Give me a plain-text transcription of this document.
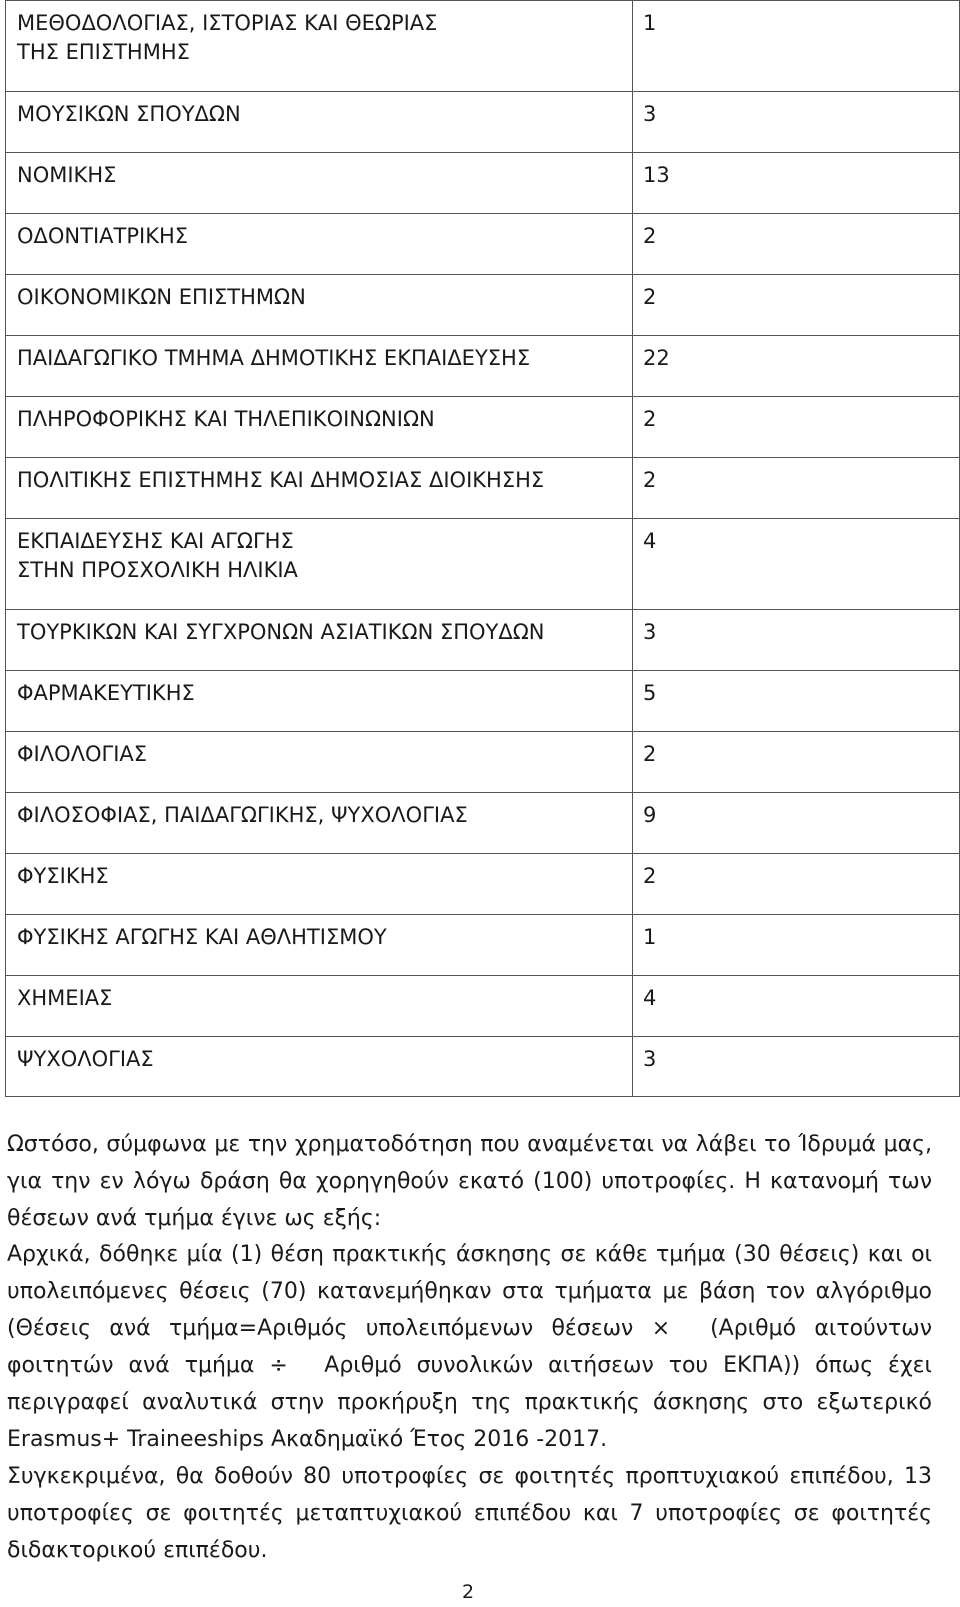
ΜΕΘΟΔΟΛΟΓΙΑΣ, ΙΣΤΟΡΙΑΣ ΚΑΙ ΘΕΩΡΙΑΣ
ΤΗΣ ΕΠΙΣΤΗΜΗΣ	1
ΜΟΥΣΙΚΩΝ ΣΠΟΥΔΩΝ	3
ΝΟΜΙΚΗΣ	13
ΟΔΟΝΤΙΑΤΡΙΚΗΣ	2
ΟΙΚΟΝΟΜΙΚΩΝ ΕΠΙΣΤΗΜΩΝ	2
ΠΑΙΔΑΓΩΓΙΚΟ ΤΜΗΜΑ ΔΗΜΟΤΙΚΗΣ ΕΚΠΑΙΔΕΥΣΗΣ	22
ΠΛΗΡΟΦΟΡΙΚΗΣ ΚΑΙ ΤΗΛΕΠΙΚΟΙΝΩΝΙΩΝ	2
ΠΟΛΙΤΙΚΗΣ ΕΠΙΣΤΗΜΗΣ ΚΑΙ ΔΗΜΟΣΙΑΣ ΔΙΟΙΚΗΣΗΣ	2
ΕΚΠΑΙΔΕΥΣΗΣ ΚΑΙ ΑΓΩΓΗΣ
ΣΤΗΝ ΠΡΟΣΧΟΛΙΚΗ ΗΛΙΚΙΑ	4
ΤΟΥΡΚΙΚΩΝ ΚΑΙ ΣΥΓΧΡΟΝΩΝ ΑΣΙΑΤΙΚΩΝ ΣΠΟΥΔΩΝ	3
ΦΑΡΜΑΚΕΥΤΙΚΗΣ	5
ΦΙΛΟΛΟΓΙΑΣ	2
ΦΙΛΟΣΟΦΙΑΣ, ΠΑΙΔΑΓΩΓΙΚΗΣ, ΨΥΧΟΛΟΓΙΑΣ	9
ΦΥΣΙΚΗΣ	2
ΦΥΣΙΚΗΣ ΑΓΩΓΗΣ ΚΑΙ ΑΘΛΗΤΙΣΜΟΥ	1
ΧΗΜΕΙΑΣ	4
ΨΥΧΟΛΟΓΙΑΣ	3

Ωστόσο, σύμφωνα με την χρηματοδότηση που αναμένεται να λάβει το Ίδρυμά μας, για την εν λόγω δράση θα χορηγηθούν εκατό (100) υποτροφίες. Η κατανομή των θέσεων ανά τμήμα έγινε ως εξής:

Αρχικά, δόθηκε μία (1) θέση πρακτικής άσκησης σε κάθε τμήμα (30 θέσεις) και οι υπολειπόμενες θέσεις (70) κατανεμήθηκαν στα τμήματα με βάση τον αλγόριθμο (Θέσεις ανά τμήμα=Αριθμός υπολειπόμενων θέσεων × (Αριθμό αιτούντων φοιτητών ανά τμήμα ÷ Αριθμό συνολικών αιτήσεων του ΕΚΠΑ)) όπως έχει περιγραφεί αναλυτικά στην προκήρυξη της πρακτικής άσκησης στο εξωτερικό Erasmus+ Traineeships Ακαδημαϊκό Έτος 2016 -2017.

Συγκεκριμένα, θα δοθούν 80 υποτροφίες σε φοιτητές προπτυχιακού επιπέδου, 13 υποτροφίες σε φοιτητές μεταπτυχιακού επιπέδου και 7 υποτροφίες σε φοιτητές διδακτορικού επιπέδου.

2
